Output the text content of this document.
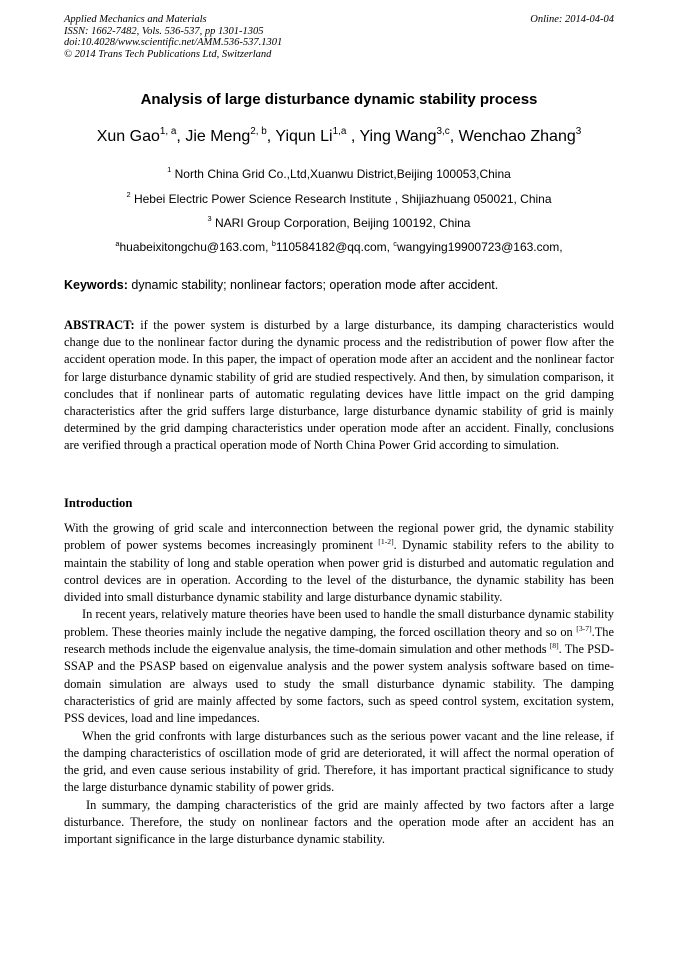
Applied Mechanics and Materials
ISSN: 1662-7482, Vols. 536-537, pp 1301-1305
doi:10.4028/www.scientific.net/AMM.536-537.1301
© 2014 Trans Tech Publications Ltd, Switzerland
Online: 2014-04-04
Analysis of large disturbance dynamic stability process
Xun Gao$^{1, a}$, Jie Meng$^{2, b}$, Yiqun Li$^{1,a}$ , Ying Wang$^{3,c}$, Wenchao Zhang$^3$
$^1$ North China Grid Co.,Ltd,Xuanwu District,Beijing 100053,China
$^2$ Hebei Electric Power Science Research Institute , Shijiazhuang 050021, China
$^3$ NARI Group Corporation, Beijing 100192, China
$^a$huabeixitongchu@163.com, $^b$110584182@qq.com, $^c$wangying19900723@163.com,
Keywords: dynamic stability; nonlinear factors; operation mode after accident.
ABSTRACT: if the power system is disturbed by a large disturbance, its damping characteristics would change due to the nonlinear factor during the dynamic process and the redistribution of power flow after the accident operation mode. In this paper, the impact of operation mode after an accident and the nonlinear factor for large disturbance dynamic stability of grid are studied respectively. And then, by simulation comparison, it concludes that if nonlinear parts of automatic regulating devices have little impact on the grid damping characteristics after the grid suffers large disturbance, large disturbance dynamic stability of grid is mainly determined by the grid damping characteristics under operation mode after an accident. Finally, conclusions are verified through a practical operation mode of North China Power Grid according to simulation.
Introduction

With the growing of grid scale and interconnection between the regional power grid, the dynamic stability problem of power systems becomes increasingly prominent [1-2]. Dynamic stability refers to the ability to maintain the stability of long and stable operation when power grid is disturbed and automatic regulation and control devices are in operation. According to the level of the disturbance, the dynamic stability has been divided into small disturbance dynamic stability and large disturbance dynamic stability.

In recent years, relatively mature theories have been used to handle the small disturbance dynamic stability problem. These theories mainly include the negative damping, the forced oscillation theory and so on [3-7].The research methods include the eigenvalue analysis, the time-domain simulation and other methods [8]. The PSD-SSAP and the PSASP based on eigenvalue analysis and the power system analysis software based on time-domain simulation are always used to study the small disturbance dynamic stability. The damping characteristics of grid are mainly affected by some factors, such as speed control system, excitation system, PSS devices, load and line impedances.

When the grid confronts with large disturbances such as the serious power vacant and the line release, if the damping characteristics of oscillation mode of grid are deteriorated, it will affect the normal operation of the grid, and even cause serious instability of grid. Therefore, it has important practical significance to study the large disturbance dynamic stability of power grids.

In summary, the damping characteristics of the grid are mainly affected by two factors after a large disturbance. Therefore, the study on nonlinear factors and the operation mode after an accident has an important significance in the large disturbance dynamic stability.
